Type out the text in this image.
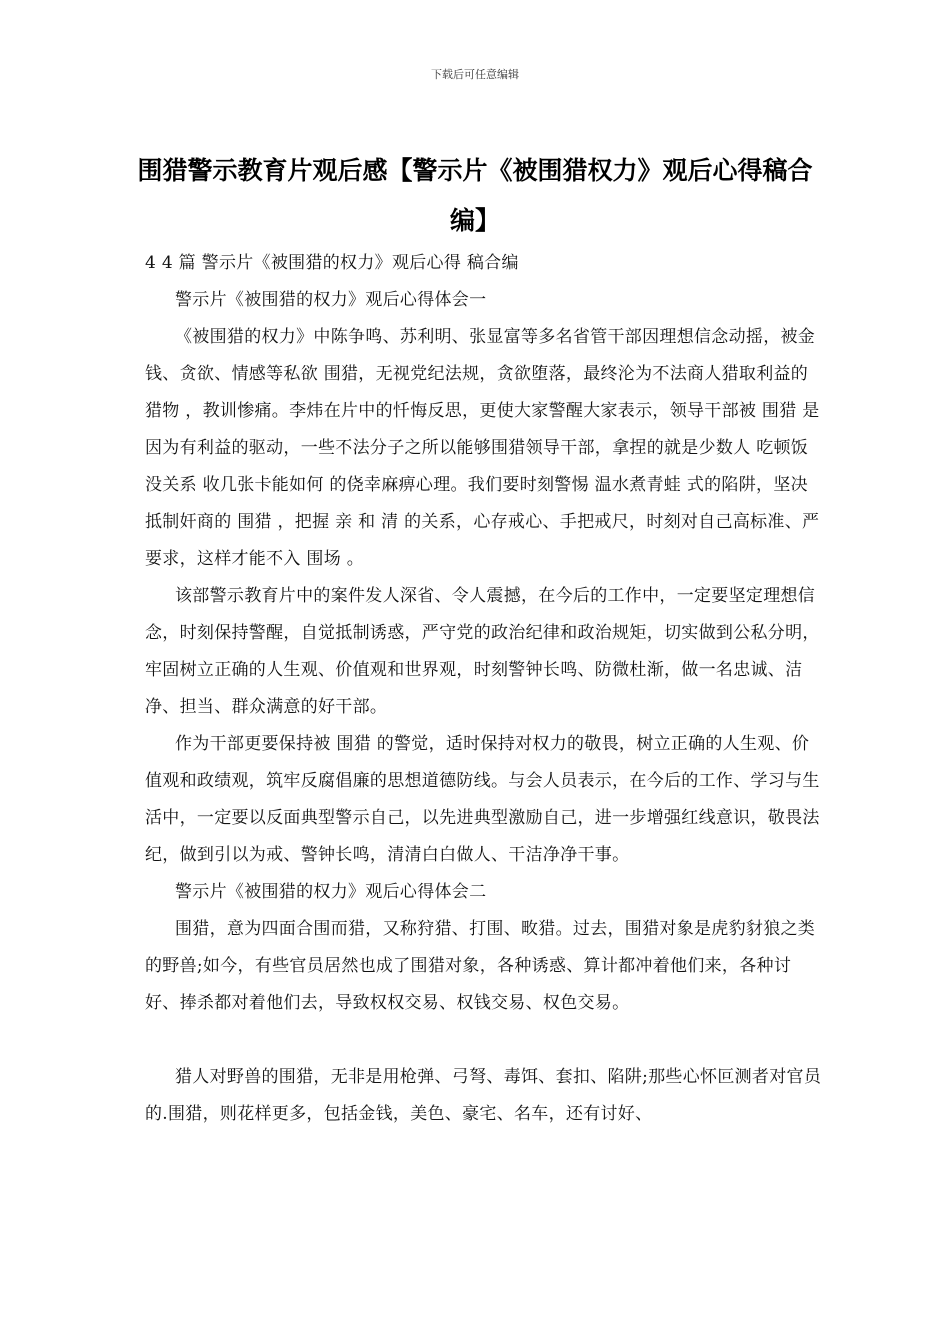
下载后可任意编辑
围猎警示教育片观后感【警示片《被围猎权力》观后心得稿合编】

4 4 篇 警示片《被围猎的权力》观后心得 稿合编

警示片《被围猎的权力》观后心得体会一

《被围猎的权力》中陈争鸣、苏利明、张显富等多名省管干部因理想信念动摇，被金钱、贪欲、情感等私欲 围猎，无视党纪法规，贪欲堕落，最终沦为不法商人猎取利益的 猎物 ，教训惨痛。李炜在片中的忏悔反思，更使大家警醒大家表示，领导干部被 围猎 是因为有利益的驱动，一些不法分子之所以能够围猎领导干部，拿捏的就是少数人 吃顿饭没关系 收几张卡能如何 的侥幸麻痹心理。我们要时刻警惕 温水煮青蛙 式的陷阱，坚决抵制奸商的 围猎 ，把握 亲 和 清 的关系，心存戒心、手把戒尺，时刻对自己高标准、严要求，这样才能不入 围场 。

该部警示教育片中的案件发人深省、令人震撼，在今后的工作中，一定要坚定理想信念，时刻保持警醒，自觉抵制诱惑，严守党的政治纪律和政治规矩，切实做到公私分明，牢固树立正确的人生观、价值观和世界观，时刻警钟长鸣、防微杜渐，做一名忠诚、洁净、担当、群众满意的好干部。

作为干部更要保持被 围猎 的警觉，适时保持对权力的敬畏，树立正确的人生观、价值观和政绩观，筑牢反腐倡廉的思想道德防线。与会人员表示，在今后的工作、学习与生活中，一定要以反面典型警示自己，以先进典型激励自己，进一步增强红线意识，敬畏法纪，做到引以为戒、警钟长鸣，清清白白做人、干洁净净干事。

警示片《被围猎的权力》观后心得体会二

围猎，意为四面合围而猎，又称狩猎、打围、畋猎。过去，围猎对象是虎豹豺狼之类的野兽;如今，有些官员居然也成了围猎对象，各种诱惑、算计都冲着他们来，各种讨好、捧杀都对着他们去，导致权权交易、权钱交易、权色交易。

猎人对野兽的围猎，无非是用枪弹、弓弩、毒饵、套扣、陷阱;那些心怀叵测者对官员的.围猎，则花样更多，包括金钱，美色、豪宅、名车，还有讨好、
